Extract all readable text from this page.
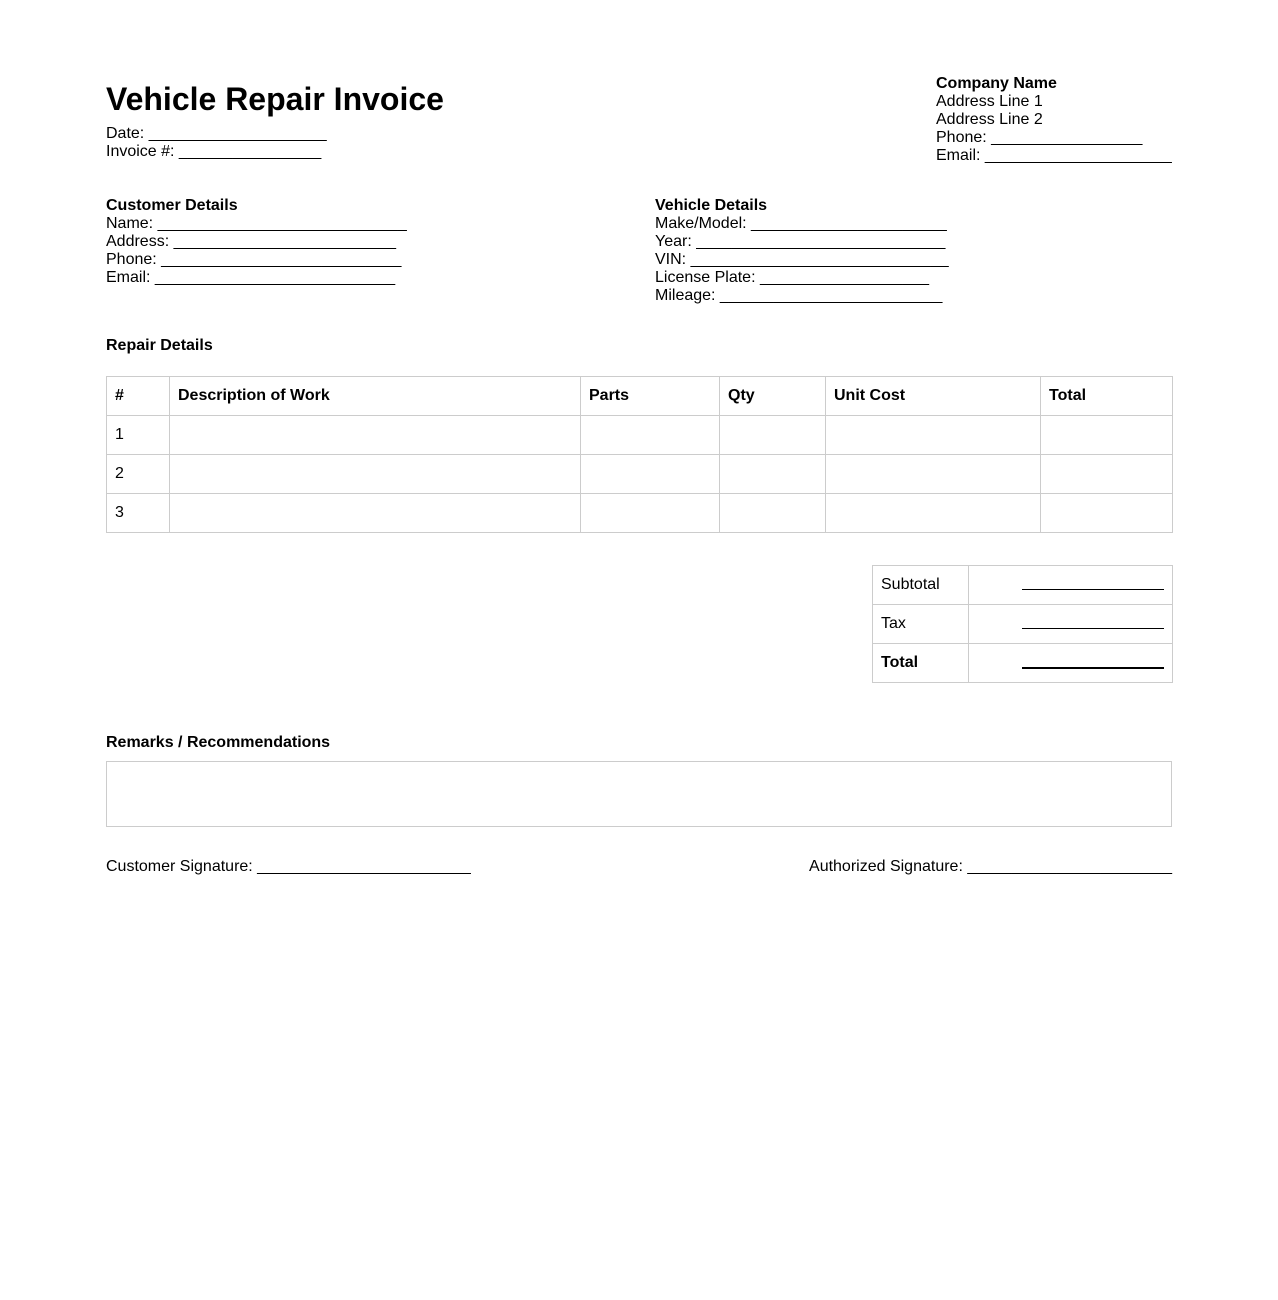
Vehicle Repair Invoice
Date: ____________________
Invoice #: ________________
Company Name
Address Line 1
Address Line 2
Phone: _________________
Email: _____________________
Customer Details
Name: ____________________________
Address: _________________________
Phone: ___________________________
Email: ___________________________
Vehicle Details
Make/Model: ______________________
Year: ____________________________
VIN: _____________________________
License Plate: ___________________
Mileage: _________________________
Repair Details
#	Description of Work	Parts	Qty	Unit Cost	Total
1					
2					
3					
Subtotal	
Tax	
Total	
Remarks / Recommendations
Customer Signature: ________________________	Authorized Signature: _______________________
